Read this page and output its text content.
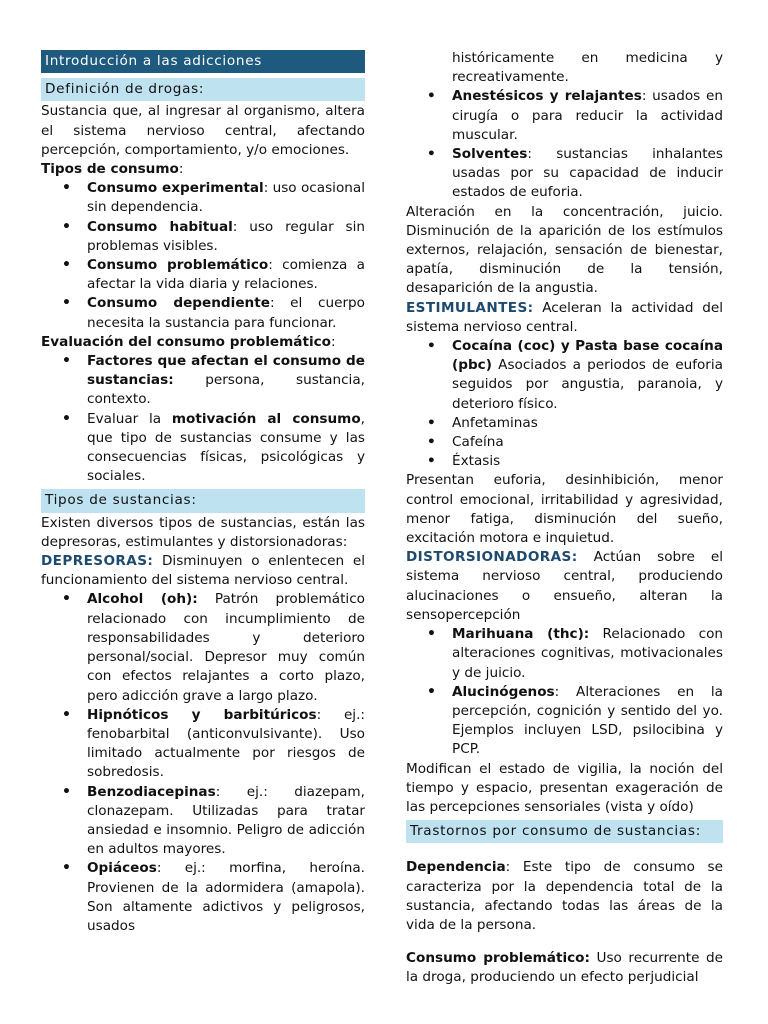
Introducción a las adicciones
Definición de drogas:

Sustancia que, al ingresar al organismo, altera el sistema nervioso central, afectando percepción, comportamiento, y/o emociones.

Tipos de consumo:

• Consumo experimental: uso ocasional sin dependencia.
• Consumo habitual: uso regular sin problemas visibles.
• Consumo problemático: comienza a afectar la vida diaria y relaciones.
• Consumo dependiente: el cuerpo necesita la sustancia para funcionar.

Evaluación del consumo problemático:

• Factores que afectan el consumo de sustancias: persona, sustancia, contexto.
• Evaluar la motivación al consumo, que tipo de sustancias consume y las consecuencias físicas, psicológicas y sociales.
Tipos de sustancias:

Existen diversos tipos de sustancias, están las depresoras, estimulantes y distorsionadoras:

DEPRESORAS: Disminuyen o enlentecen el funcionamiento del sistema nervioso central.

• Alcohol (oh): Patrón problemático relacionado con incumplimiento de responsabilidades y deterioro personal/social. Depresor muy común con efectos relajantes a corto plazo, pero adicción grave a largo plazo.
• Hipnóticos y barbitúricos: ej.: fenobarbital (anticonvulsivante). Uso limitado actualmente por riesgos de sobredosis.
• Benzodiacepinas: ej.: diazepam, clonazepam. Utilizadas para tratar ansiedad e insomnio. Peligro de adicción en adultos mayores.
• Opiáceos: ej.: morfina, heroína. Provienen de la adormidera (amapola). Son altamente adictivos y peligrosos, usados
históricamente en medicina y recreativamente.
• Anestésicos y relajantes: usados en cirugía o para reducir la actividad muscular.
• Solventes: sustancias inhalantes usadas por su capacidad de inducir estados de euforia.

Alteración en la concentración, juicio. Disminución de la aparición de los estímulos externos, relajación, sensación de bienestar, apatía, disminución de la tensión, desaparición de la angustia.

ESTIMULANTES: Aceleran la actividad del sistema nervioso central.

• Cocaína (coc) y Pasta base cocaína (pbc) Asociados a periodos de euforia seguidos por angustia, paranoia, y deterioro físico.
• Anfetaminas
• Cafeína
• Éxtasis

Presentan euforia, desinhibición, menor control emocional, irritabilidad y agresividad, menor fatiga, disminución del sueño, excitación motora e inquietud.

DISTORSIONADORAS: Actúan sobre el sistema nervioso central, produciendo alucinaciones o ensueño, alteran la sensopercepción

• Marihuana (thc): Relacionado con alteraciones cognitivas, motivacionales y de juicio.
• Alucinógenos: Alteraciones en la percepción, cognición y sentido del yo. Ejemplos incluyen LSD, psilocibina y PCP.

Modifican el estado de vigilia, la noción del tiempo y espacio, presentan exageración de las percepciones sensoriales (vista y oído)

Trastornos por consumo de sustancias:

Dependencia: Este tipo de consumo se caracteriza por la dependencia total de la sustancia, afectando todas las áreas de la vida de la persona.

Consumo problemático: Uso recurrente de la droga, produciendo un efecto perjudicial
